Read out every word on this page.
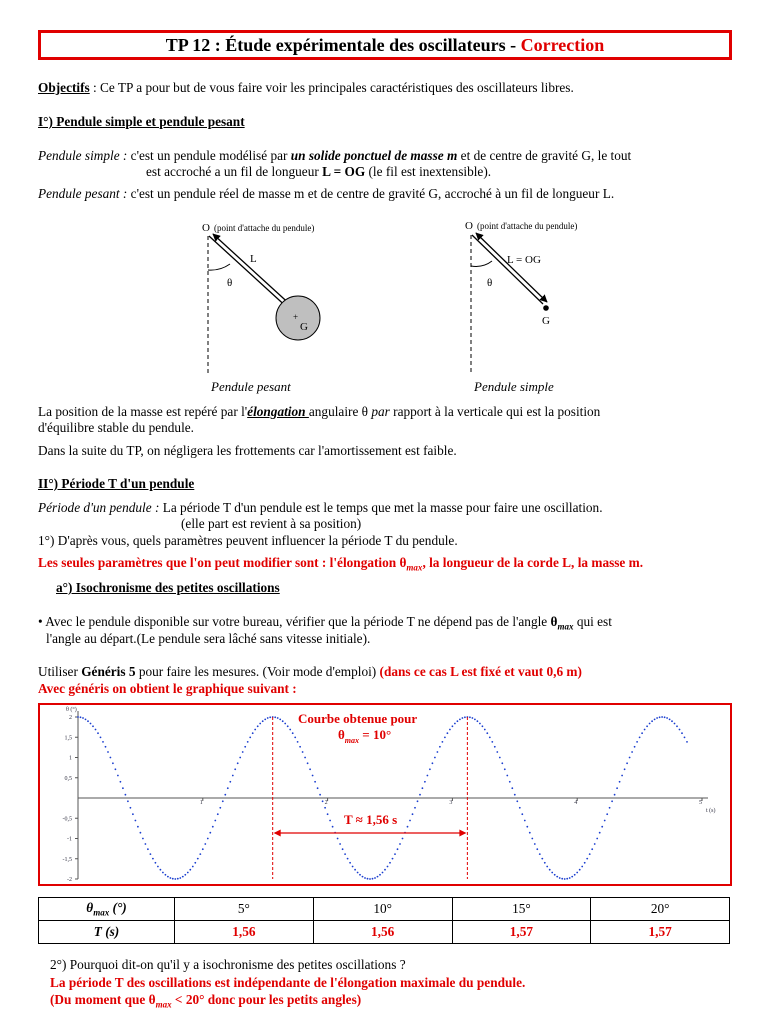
TP 12 : Étude expérimentale des oscillateurs - Correction
Objectifs : Ce TP a pour but de vous faire voir les principales caractéristiques des oscillateurs libres.
I°) Pendule simple et pendule pesant
Pendule simple : c'est un pendule modélisé par un solide ponctuel de masse m et de centre de gravité G, le tout
est accroché a un fil de longueur L = OG (le fil est inextensible).
Pendule pesant : c'est un pendule réel de masse m et de centre de gravité G, accroché à un fil de longueur L.
O (point d'attache du pendule)
L
θ
+
G
Pendule pesant
O (point d'attache du pendule)
L = OG
θ
G
Pendule simple
La position de la masse est repéré par l'élongation angulaire θ par rapport à la verticale qui est la position
d'équilibre stable du pendule.
Dans la suite du TP, on négligera les frottements car l'amortissement est faible.
II°) Période T d'un pendule
Période d'un pendule : La période T d'un pendule est le temps que met la masse pour faire une oscillation.
(elle part est revient à sa position)
1°) D'après vous, quels paramètres peuvent influencer la période T du pendule.
Les seules paramètres que l'on peut modifier sont : l'élongation $\theta_{max}$, la longueur de la corde L, la masse m.
a°) Isochronisme des petites oscillations
• Avec le pendule disponible sur votre bureau, vérifier que la période T ne dépend pas de l'angle $\theta_{max}$ qui est
l'angle au départ.(Le pendule sera lâché sans vitesse initiale).
Utiliser Généris 5 pour faire les mesures. (Voir mode d'emploi) (dans ce cas L est fixé et vaut 0,6 m)
Avec généris on obtient le graphique suivant :
2
1,5
1
0,5
-0,5
-1
-1,5
-2
1	2	3	4	5
Courbe obtenue pour
$\theta_{max} = 10^\circ$
T ≈ 1,56 s
θ (°)
t (s)
$\theta_{max}$ (°)	5°	10°	15°	20°
T (s)	1,56	1,56	1,57	1,57
2°) Pourquoi dit-on qu'il y a isochronisme des petites oscillations ?
La période T des oscillations est indépendante de l'élongation maximale du pendule.
(Du moment que $\theta_{max} < 20^\circ$ donc pour les petits angles)
